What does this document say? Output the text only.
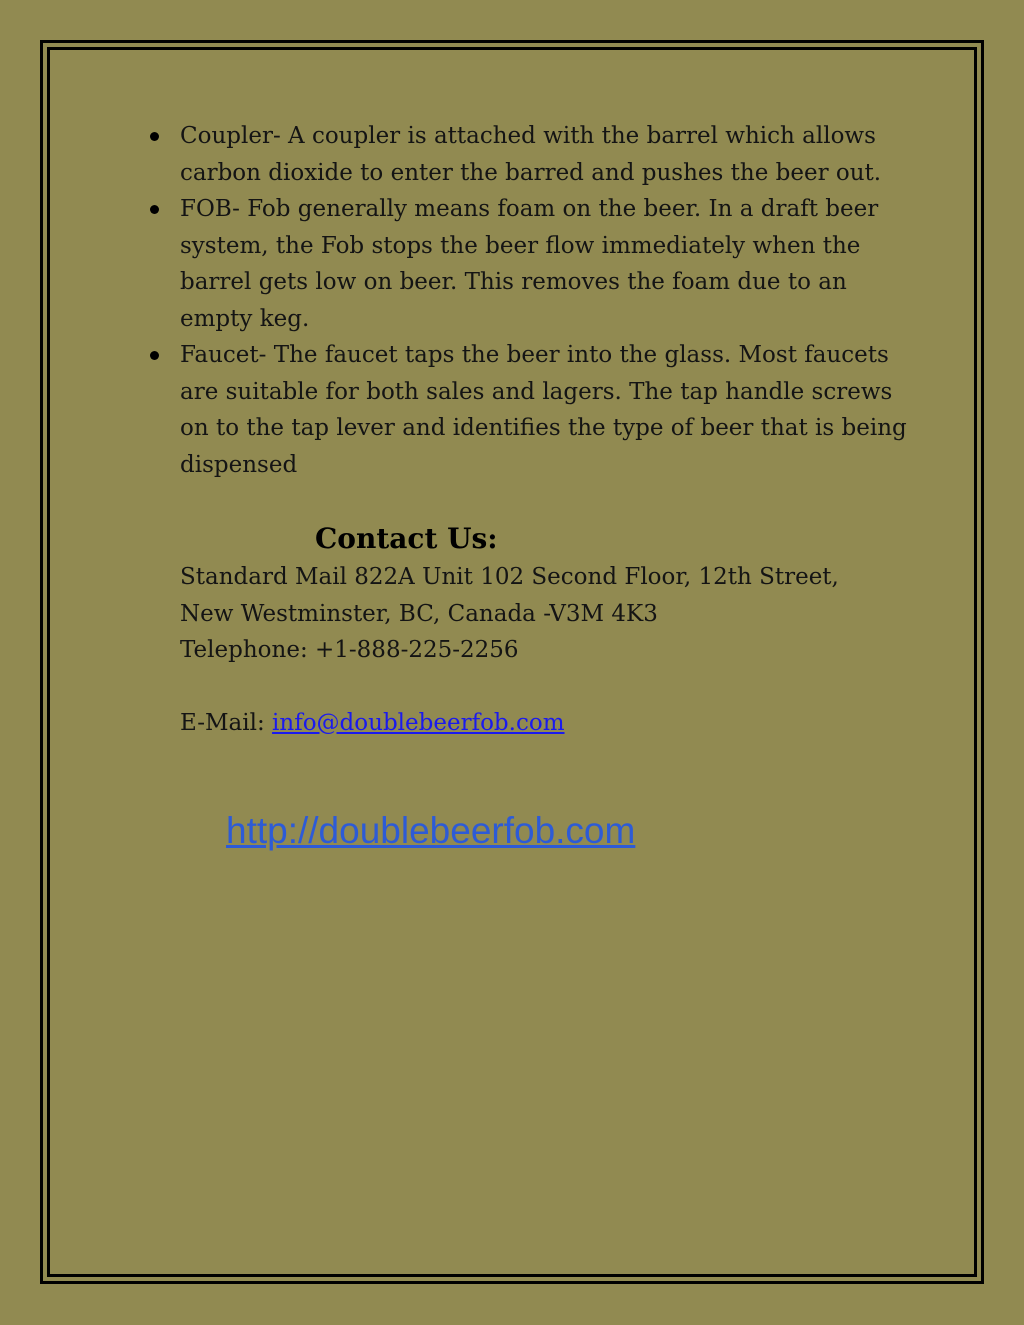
Coupler- A coupler is attached with the barrel which allows carbon dioxide to enter the barred and pushes the beer out.
FOB- Fob generally means foam on the beer. In a draft beer system, the Fob stops the beer flow immediately when the barrel gets low on beer. This removes the foam due to an empty keg.
Faucet- The faucet taps the beer into the glass. Most faucets are suitable for both sales and lagers. The tap handle screws on to the tap lever and identifies the type of beer that is being dispensed
Contact Us:
Standard Mail 822A Unit 102 Second Floor, 12th Street,
New Westminster, BC, Canada -V3M 4K3
Telephone: +1-888-225-2256
E-Mail: info@doublebeerfob.com
http://doublebeerfob.com
